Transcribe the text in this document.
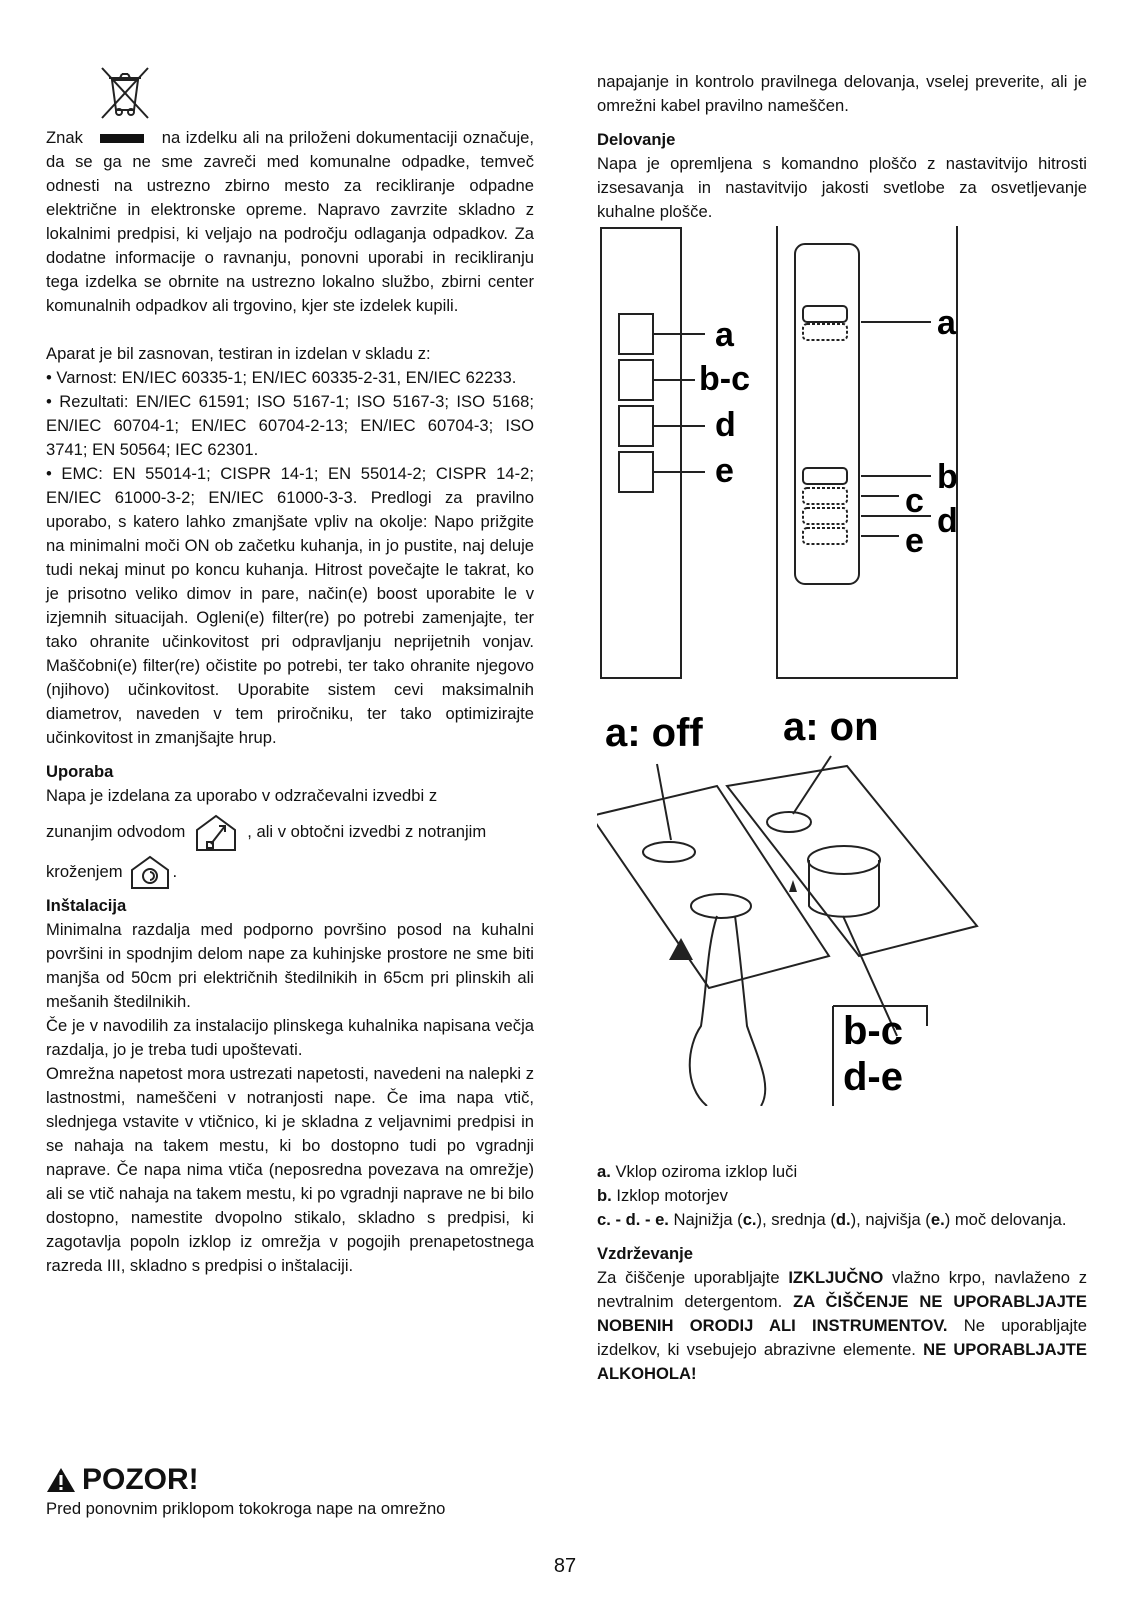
Znak	na izdelku ali na priloženi dokumentaciji označuje, da se ga ne sme zavreči med komunalne odpadke, temveč odnesti na ustrezno zbirno mesto za recikliranje odpadne električne in elektronske opreme. Napravo zavrzite skladno z lokalnimi predpisi, ki veljajo na področju odlaganja odpadkov. Za dodatne informacije o ravnanju, ponovni uporabi in recikliranju tega izdelka se obrnite na ustrezno lokalno službo, zbirni center komunalnih odpadkov ali trgovino, kjer ste izdelek kupili.

Aparat je bil zasnovan, testiran in izdelan v skladu z:

• Varnost: EN/IEC 60335-1; EN/IEC 60335-2-31, EN/IEC 62233.

• Rezultati: EN/IEC 61591; ISO 5167-1; ISO 5167-3; ISO 5168; EN/IEC 60704-1; EN/IEC 60704-2-13; EN/IEC 60704-3; ISO 3741; EN 50564; IEC 62301.

• EMC: EN 55014-1; CISPR 14-1; EN 55014-2; CISPR 14-2; EN/IEC 61000-3-2; EN/IEC 61000-3-3. Predlogi za pravilno uporabo, s katero lahko zmanjšate vpliv na okolje: Napo prižgite na minimalni moči ON ob začetku kuhanja, in jo pustite, naj deluje tudi nekaj minut po koncu kuhanja. Hitrost povečajte le takrat, ko je prisotno veliko dimov in pare, način(e) boost uporabite le v izjemnih situacijah. Ogleni(e) filter(re) po potrebi zamenjajte, ter tako ohranite učinkovitost pri odpravljanju neprijetnih vonjav. Maščobni(e) filter(re) očistite po potrebi, ter tako ohranite njegovo (njihovo) učinkovitost. Uporabite sistem cevi maksimalnih diametrov, naveden v tem priročniku, ter tako optimizirajte učinkovitost in zmanjšajte hrup.

Uporaba

Napa je izdelana za uporabo v odzračevalni izvedbi z

zunanjim odvodom	, ali v obtočni izvedbi z notranjim
kroženjem	.

Inštalacija

Minimalna razdalja med podporno površino posod na kuhalni površini in spodnjim delom nape za kuhinjske prostore ne sme biti manjša od 50cm pri električnih štedilnikih in 65cm pri plinskih ali mešanih štedilnikih.

Če je v navodilih za instalacijo plinskega kuhalnika napisana večja razdalja, jo je treba tudi upoštevati.

Omrežna napetost mora ustrezati napetosti, navedeni na nalepki z lastnostmi, nameščeni v notranjosti nape. Če ima napa vtič, slednjega vstavite v vtičnico, ki je skladna z veljavnimi predpisi in se nahaja na takem mestu, ki bo dostopno tudi po vgradnji naprave. Če napa nima vtiča (neposredna povezava na omrežje) ali se vtič nahaja na takem mestu, ki po vgradnji naprave ne bi bilo dostopno, namestite dvopolno stikalo, skladno s predpisi, ki zagotavlja popoln izklop iz omrežja v pogojih prenapetostnega razreda III, skladno s predpisi o inštalaciji.

POZOR!

Pred ponovnim priklopom tokokroga nape na omrežno

napajanje in kontrolo pravilnega delovanja, vselej preverite, ali je omrežni kabel pravilno nameščen.

Delovanje

Napa je opremljena s komandno ploščo z nastavitvijo hitrosti izsesavanja in nastavitvijo jakosti svetlobe za osvetljevanje kuhalne plošče.

a
b-c
d
e
a
b
c
d
e
a: off a: on
b-c
d-e

a. Vklop oziroma izklop luči

b. Izklop motorjev

c. - d. - e. Najnižja (c.), srednja (d.), najvišja (e.) moč delovanja.

Vzdrževanje

Za čiščenje uporabljajte IZKLJUČNO vlažno krpo, navlaženo z nevtralnim detergentom. ZA ČIŠČENJE NE UPORABLJAJTE NOBENIH ORODIJ ALI INSTRUMENTOV. Ne uporabljajte izdelkov, ki vsebujejo abrazivne elemente. NE UPORABLJAJTE ALKOHOLA!

87
